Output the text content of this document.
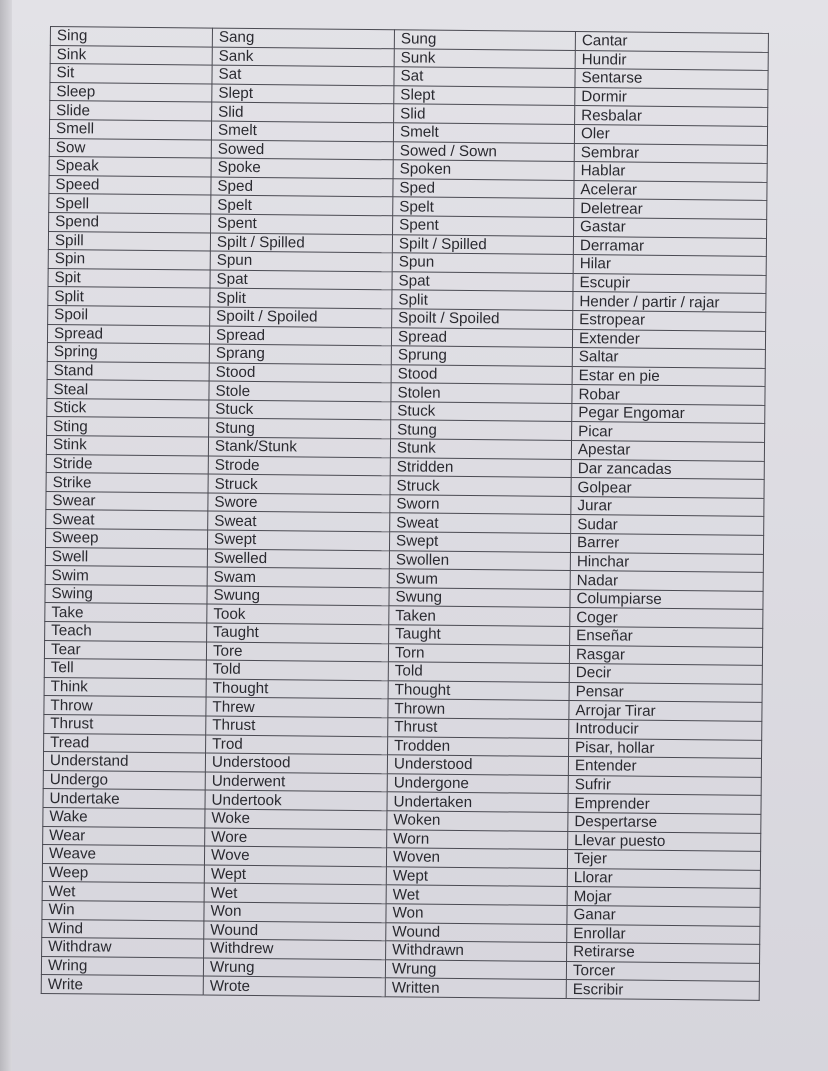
Sing	Sang	Sung	Cantar
Sink	Sank	Sunk	Hundir
Sit	Sat	Sat	Sentarse
Sleep	Slept	Slept	Dormir
Slide	Slid	Slid	Resbalar
Smell	Smelt	Smelt	Oler
Sow	Sowed	Sowed / Sown	Sembrar
Speak	Spoke	Spoken	Hablar
Speed	Sped	Sped	Acelerar
Spell	Spelt	Spelt	Deletrear
Spend	Spent	Spent	Gastar
Spill	Spilt / Spilled	Spilt / Spilled	Derramar
Spin	Spun	Spun	Hilar
Spit	Spat	Spat	Escupir
Split	Split	Split	Hender / partir / rajar
Spoil	Spoilt / Spoiled	Spoilt / Spoiled	Estropear
Spread	Spread	Spread	Extender
Spring	Sprang	Sprung	Saltar
Stand	Stood	Stood	Estar en pie
Steal	Stole	Stolen	Robar
Stick	Stuck	Stuck	Pegar Engomar
Sting	Stung	Stung	Picar
Stink	Stank/Stunk	Stunk	Apestar
Stride	Strode	Stridden	Dar zancadas
Strike	Struck	Struck	Golpear
Swear	Swore	Sworn	Jurar
Sweat	Sweat	Sweat	Sudar
Sweep	Swept	Swept	Barrer
Swell	Swelled	Swollen	Hinchar
Swim	Swam	Swum	Nadar
Swing	Swung	Swung	Columpiarse
Take	Took	Taken	Coger
Teach	Taught	Taught	Enseñar
Tear	Tore	Torn	Rasgar
Tell	Told	Told	Decir
Think	Thought	Thought	Pensar
Throw	Threw	Thrown	Arrojar Tirar
Thrust	Thrust	Thrust	Introducir
Tread	Trod	Trodden	Pisar, hollar
Understand	Understood	Understood	Entender
Undergo	Underwent	Undergone	Sufrir
Undertake	Undertook	Undertaken	Emprender
Wake	Woke	Woken	Despertarse
Wear	Wore	Worn	Llevar puesto
Weave	Wove	Woven	Tejer
Weep	Wept	Wept	Llorar
Wet	Wet	Wet	Mojar
Win	Won	Won	Ganar
Wind	Wound	Wound	Enrollar
Withdraw	Withdrew	Withdrawn	Retirarse
Wring	Wrung	Wrung	Torcer
Write	Wrote	Written	Escribir
